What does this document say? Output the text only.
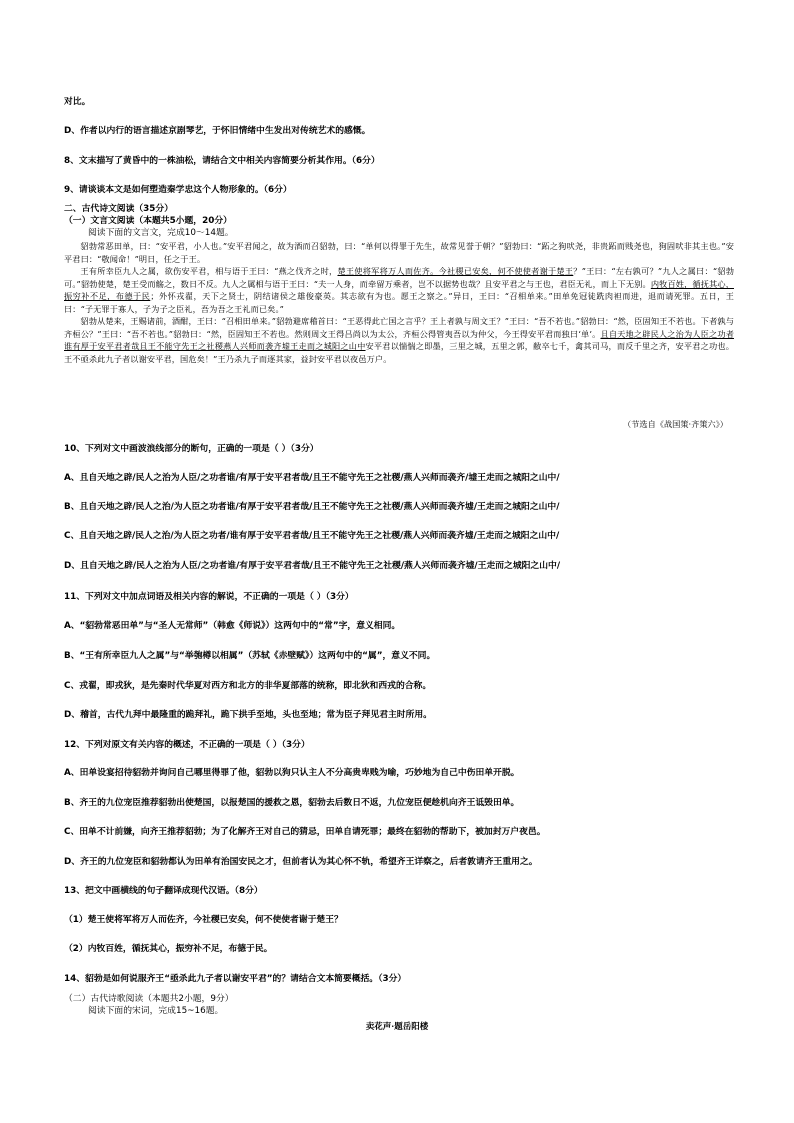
对比。
D、作者以内行的语言描述京剧琴艺，于怀旧情绪中生发出对传统艺术的感慨。
8、文末描写了黄昏中的一株油松，请结合文中相关内容简要分析其作用。（6分）
9、请谈谈本文是如何塑造秦学忠这个人物形象的。（6分）
二、古代诗文阅读（35分）
（一）文言文阅读（本题共5小题，20分）
阅读下面的文言文，完成10～14题。

貂勃常恶田单，曰：“安平君，小人也。”安平君闻之，故为酒而召貂勃，曰：“单何以得罪于先生，故常见誉于朝？”貂勃曰：“跖之狗吠尧，非贵跖而贱尧也，狗固吠非其主也。”安平君曰：“敬闻命！”明日，任之于王。

王有所幸臣九人之属，欲伤安平君，相与语于王曰：“燕之伐齐之时，楚王使将军将万人而佐齐。今社稷已安矣，何不使使者谢于楚王？”王曰：“左右孰可？”九人之属曰：“貂勃可。”貂勃使楚，楚王受而觞之，数日不反。九人之属相与语于王曰：“夫一人身，而牵留万乘者，岂不以据势也哉？且安平君之与王也，君臣无礼，而上下无别。内牧百姓，循抚其心，振穷补不足，布德于民；外怀戎翟，天下之贤士，阴结诸侯之雄俊豪英。其志欲有为也。愿王之察之。”异日，王曰：“召相单来。”田单免冠徒跣肉袒而进，退而请死罪。五日，王曰：“子无罪于寡人，子为子之臣礼，吾为吾之王礼而已矣。”

貂勃从楚来，王赐诸前，酒酣，王曰：“召相田单来。”貂勃避席稽首曰：“王恶得此亡国之言乎？王上者孰与周文王？”王曰：“吾不若也。”貂勃曰：“然，臣固知王不若也。下者孰与齐桓公？”王曰：“吾不若也。”貂勃曰：“然，臣固知王不若也。然则周文王得吕尚以为太公，齐桓公得管夷吾以为仲父，今王得安平君而独曰‘单’。且自天地之辟民人之治为人臣之功者谁有厚于安平君者哉且王不能守先王之社稷燕人兴师而袭齐墟王走而之城阳之山中安平君以惴惴之即墨，三里之城，五里之郭，敝卒七千，禽其司马，而反千里之齐，安平君之功也。王不亟杀此九子者以谢安平君，国危矣！”王乃杀九子而逐其家，益封安平君以夜邑万户。

（节选自《战国策·齐策六》）
10、下列对文中画波浪线部分的断句，正确的一项是（ ）（3分）
A、且自天地之辟/民人之治为人臣/之功者谁/有厚于安平君者哉/且王不能守先王之社稷/燕人兴师而袭齐/墟王走而之城阳之山中/
B、且自天地之辟/民人之治/为人臣之功者谁/有厚于安平君者哉/且王不能守先王之社稷/燕人兴师而袭齐墟/王走而之城阳之山中/
C、且自天地之辟/民人之治/为人臣之功者/谁有厚于安平君者哉/且王不能守先王之社稷/燕人兴师而袭齐墟/王走而之城阳之山中/
D、且自天地之辟/民人之治为人臣/之功者谁/有厚于安平君者哉/且王不能守先王之社稷/燕人兴师而袭齐墟/王走而之城阳之山中/
11、下列对文中加点词语及相关内容的解说，不正确的一项是（ ）（3分）
A、“貂勃常恶田单”与“圣人无常师”（韩愈《师说》）这两句中的“常”字，意义相同。
B、“王有所幸臣九人之属”与“举匏樽以相属”（苏轼《赤壁赋》）这两句中的“属”，意义不同。
C、戎翟，即戎狄，是先秦时代华夏对西方和北方的非华夏部落的统称，即北狄和西戎的合称。
D、稽首，古代九拜中最隆重的跪拜礼，跪下拱手至地，头也至地；常为臣子拜见君主时所用。
12、下列对原文有关内容的概述，不正确的一项是（ ）（3分）
A、田单设宴招待貂勃并询问自己哪里得罪了他，貂勃以狗只认主人不分高贵卑贱为喻，巧妙地为自己中伤田单开脱。
B、齐王的九位宠臣推荐貂勃出使楚国，以报楚国的援救之恩，貂勃去后数日不返，九位宠臣便趁机向齐王诋毁田单。
C、田单不计前嫌，向齐王推荐貂勃；为了化解齐王对自己的猜忌，田单自请死罪；最终在貂勃的帮助下，被加封万户夜邑。
D、齐王的九位宠臣和貂勃都认为田单有治国安民之才，但前者认为其心怀不轨，希望齐王详察之，后者敦请齐王重用之。
13、把文中画横线的句子翻译成现代汉语。（8分）
（1）楚王使将军将万人而佐齐，今社稷已安矣，何不使使者谢于楚王？
（2）内牧百姓，循抚其心，振穷补不足，布德于民。
14、貂勃是如何说服齐王“亟杀此九子者以谢安平君”的？请结合文本简要概括。（3分）
（二）古代诗歌阅读（本题共2小题，9分）
阅读下面的宋词，完成15~16题。
卖花声·题岳阳楼
